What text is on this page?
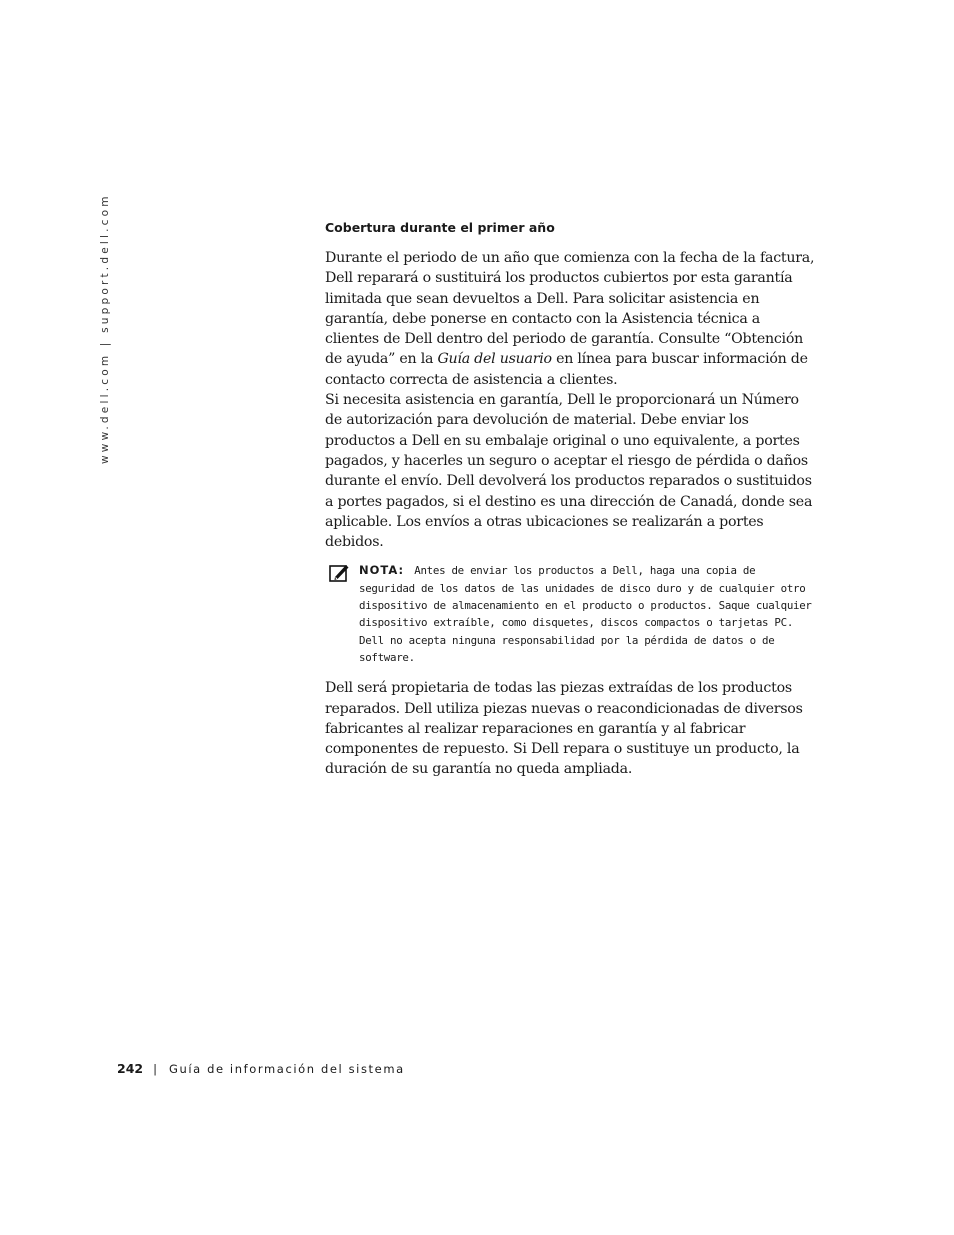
www.dell.com | support.dell.com	Cobertura durante el primer año

Durante el periodo de un año que comienza con la fecha de la factura, Dell reparará o sustituirá los productos cubiertos por esta garantía limitada que sean devueltos a Dell. Para solicitar asistencia en garantía, debe ponerse en contacto con la Asistencia técnica a clientes de Dell dentro del periodo de garantía. Consulte “Obtención de ayuda” en la Guía del usuario en línea para buscar información de contacto correcta de asistencia a clientes.

Si necesita asistencia en garantía, Dell le proporcionará un Número de autorización para devolución de material. Debe enviar los productos a Dell en su embalaje original o uno equivalente, a portes pagados, y hacerles un seguro o aceptar el riesgo de pérdida o daños durante el envío. Dell devolverá los productos reparados o sustituidos a portes pagados, si el destino es una dirección de Canadá, donde sea aplicable. Los envíos a otras ubicaciones se realizarán a portes debidos.

NOTA: Antes de enviar los productos a Dell, haga una copia de seguridad de los datos de las unidades de disco duro y de cualquier otro dispositivo de almacenamiento en el producto o productos. Saque cualquier dispositivo extraíble, como disquetes, discos compactos o tarjetas PC. Dell no acepta ninguna responsabilidad por la pérdida de datos o de software.

Dell será propietaria de todas las piezas extraídas de los productos reparados. Dell utiliza piezas nuevas o reacondicionadas de diversos fabricantes al realizar reparaciones en garantía y al fabricar componentes de repuesto. Si Dell repara o sustituye un producto, la duración de su garantía no queda ampliada.

242 | Guía de información del sistema
